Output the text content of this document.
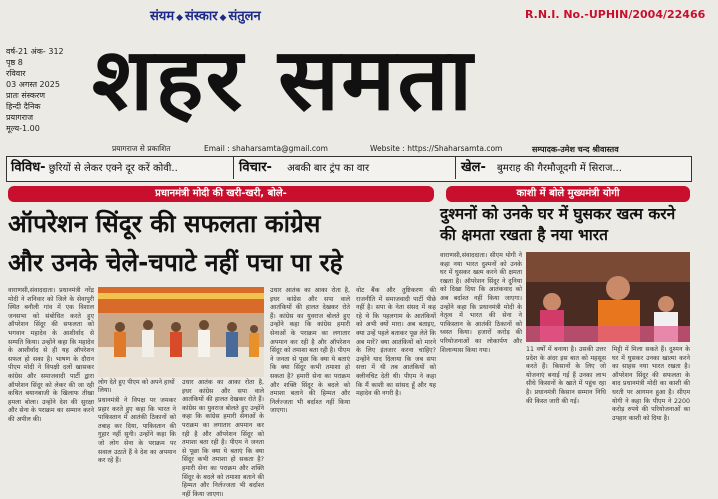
संयम ◆ संस्कार ◆ संतुलन	R.N.I. No.-UPHIN/2004/22466
वर्ष-21 अंक- 312
पृष्ठ 8
रविवार
03 अगस्त 2025
प्रातः संस्करण
हिन्दी दैनिक
प्रयागराज
मूल्य-1.00 शहर समता
प्रयागराज से प्रकाशित	Email : shaharsamta@gmail.com	Website : https://Shaharsamta.com	सम्पादक-उमेश चन्द श्रीवास्तव
विविध- छुरियों से लेकर एक्ने दूर करें कोवी..	विचार- अबकी बार ट्रंप का वार	खेल- बुमराह की गैरमौजूदगी में सिराज...
प्रधानमंत्री मोदी की खरी-खरी, बोले-	काशी में बोले मुख्यमंत्री योगी
ऑपरेशन सिंदूर की सफलता कांग्रेस
और उनके चेले-चपाटे नहीं पचा पा रहे
दुश्मनों को उनके घर में घुसकर खत्म करने की क्षमता रखता है नया भारत
वाराणसी,संवाददाता। प्रधानमंत्री नरेंद्र मोदी ने शनिवार को जिले के सेवापुरी स्थित बनौली गांव में एक विशाल जनसभा को संबोधित करते हुए ऑपरेशन सिंदूर की सफलता को भगवान महादेव के आशीर्वाद से सम्पति किया। उन्होंने कहा कि महादेव के आशीर्वाद से ही यह ऑपरेशन सफल हो सका है। भाषण के दौरान पीएम मोदी ने विपक्षी दलों खासकर कांग्रेस और समाजवादी पार्टी द्वारा ऑपरेशन सिंदूर को लेकर की जा रही कथित बयानबाजी के खिलाफ तीखा हमला बोला। उन्होंने देश की सुरक्षा और सेना के पराक्रम का सम्मान करने की अपील की।
लोग देते हुए पीएम को अपने हाथों लिया।
प्रधानमंत्री ने विपक्ष पर जमकर प्रहार करते हुए कहा कि भारत ने पाकिस्तान में आतंकी ठिकानों को तबाह कर दिया, पाकिस्तान की गुहार नहीं सुनी। उन्होंने कहा कि जो लोग सेना के पराक्रम पर सवाल उठाते हैं वे देश का अपमान कर रहे हैं।
उधार आतंक का आका रोता है, इधर कांग्रेस और सपा वाले आतंकियों की हालत देखकर रोते हैं। कांग्रेस का युवराज बोलते हुए उन्होंने कहा कि कांग्रेस हमारी सेनाओं के पराक्रम का लगातार अपमान कर रही है और ऑपरेशन सिंदूर को तमाशा बता रही है। पीएम ने जनता से पूछा कि क्या ये बताएं कि क्या सिंदूर कभी तमाशा हो सकता है? हमारी सेना का पराक्रम और शक्ति सिंदूर के बदले को तमाशा बताने की हिम्मत और निर्लज्जता भी बर्दाश्त नहीं किया जाएगा।
उधार आतंक का आका रोता है, इधर कांग्रेस और सपा वाले आतंकियों की हालत देखकर रोते हैं। कांग्रेस का युवराज बोलते हुए उन्होंने कहा कि कांग्रेस हमारी सेनाओं के पराक्रम का लगातार अपमान कर रही है और ऑपरेशन सिंदूर को तमाशा बता रही है। पीएम ने जनता से पूछा कि क्या ये बताएं कि क्या सिंदूर कभी तमाशा हो सकता है? हमारी सेना का पराक्रम और शक्ति सिंदूर के बदले को तमाशा बताने की हिम्मत और निर्लज्जता भी बर्दाश्त नहीं किया जाएगा।
वोट बैंक और तुष्टिकरण की राजनीति में समाजवादी पार्टी पीछे नहीं है। सपा के नेता संसद में कह रहे थे कि पहलगाम के आतंकियों को अभी क्यों मारा। अब बताइए, क्या उन्हें पहले बताकर पूछ लेते कि अब मारें? क्या आतंकियों को मारने के लिए इंतजार करना चाहिए? उन्होंने याद दिलाया कि जब सपा सत्ता में थी तब आतंकियों को क्लीनचिट देती थी। पीएम ने कहा कि मैं काशी का सांसद हूँ और यह महादेव की नगरी है।
वाराणसी,संवाददाता। सीएम योगी ने कहा नया भारत दुश्मनों को उनके घर में घुसकर खत्म करने की क्षमता रखता है। ऑपरेशन सिंदूर ने दुनिया को दिखा दिया कि आतंकवाद को अब बर्दाश्त नहीं किया जाएगा। उन्होंने कहा कि प्रधानमंत्री मोदी के नेतृत्व में भारत की सेना ने पाकिस्तान के आतंकी ठिकानों को ध्वस्त किया। हजारों करोड़ की परियोजनाओं का लोकार्पण और शिलान्यास किया गया।	11 वर्षों में बनाया है। उसकी उत्तर प्रदेश के अंदर इस बात को महसूस करते हैं। किसानों के लिए जो योजनाएं बनाई गई हैं उनका लाभ सीधे किसानों के खाते में पहुंच रहा है। प्रधानमंत्री किसान सम्मान निधि की किस्त जारी की गई।
मिट्टी में मिला सकते हैं। दुश्मन के घर में घुसकर उनका खात्मा करने का साहस नया भारत रखता है। ऑपरेशन सिंदूर की सफलता के बाद प्रधानमंत्री मोदी का काशी की धरती पर आगमन हुआ है। सीएम योगी ने कहा कि पीएम ने 2200 करोड़ रुपये की परियोजनाओं का उपहार काशी को दिया है।
